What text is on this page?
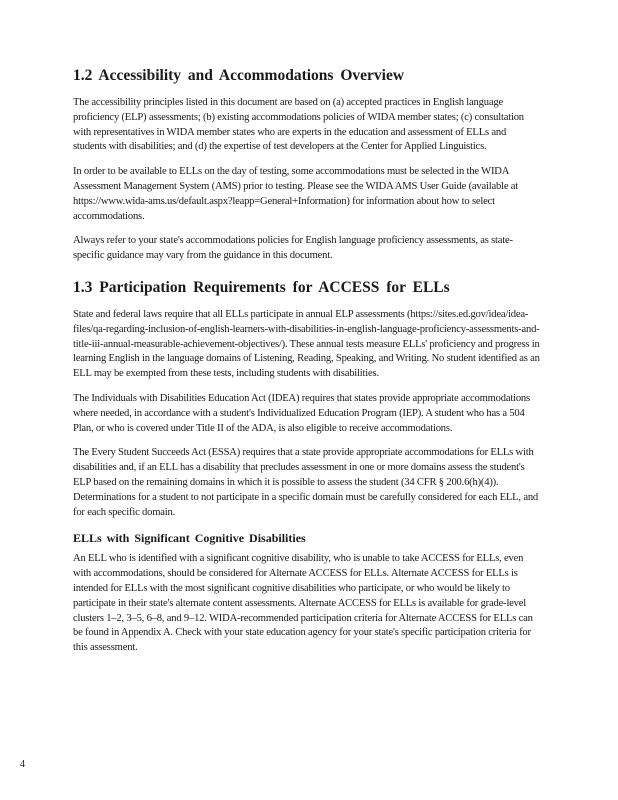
1.2 Accessibility and Accommodations Overview

The accessibility principles listed in this document are based on (a) accepted practices in English language proficiency (ELP) assessments; (b) existing accommodations policies of WIDA member states; (c) consultation with representatives in WIDA member states who are experts in the education and assessment of ELLs and students with disabilities; and (d) the expertise of test developers at the Center for Applied Linguistics.

In order to be available to ELLs on the day of testing, some accommodations must be selected in the WIDA Assessment Management System (AMS) prior to testing. Please see the WIDA AMS User Guide (available at https://www.wida-ams.us/default.aspx?leapp=General+Information) for information about how to select accommodations.

Always refer to your state's accommodations policies for English language proficiency assessments, as state-specific guidance may vary from the guidance in this document.

1.3 Participation Requirements for ACCESS for ELLs

State and federal laws require that all ELLs participate in annual ELP assessments (https://sites.ed.gov/idea/idea-files/qa-regarding-inclusion-of-english-learners-with-disabilities-in-english-language-proficiency-assessments-and-title-iii-annual-measurable-achievement-objectives/). These annual tests measure ELLs' proficiency and progress in learning English in the language domains of Listening, Reading, Speaking, and Writing. No student identified as an ELL may be exempted from these tests, including students with disabilities.

The Individuals with Disabilities Education Act (IDEA) requires that states provide appropriate accommodations where needed, in accordance with a student's Individualized Education Program (IEP). A student who has a 504 Plan, or who is covered under Title II of the ADA, is also eligible to receive accommodations.

The Every Student Succeeds Act (ESSA) requires that a state provide appropriate accommodations for ELLs with disabilities and, if an ELL has a disability that precludes assessment in one or more domains assess the student's ELP based on the remaining domains in which it is possible to assess the student (34 CFR § 200.6(h)(4)). Determinations for a student to not participate in a specific domain must be carefully considered for each ELL, and for each specific domain.

ELLs with Significant Cognitive Disabilities

An ELL who is identified with a significant cognitive disability, who is unable to take ACCESS for ELLs, even with accommodations, should be considered for Alternate ACCESS for ELLs. Alternate ACCESS for ELLs is intended for ELLs with the most significant cognitive disabilities who participate, or who would be likely to participate in their state's alternate content assessments. Alternate ACCESS for ELLs is available for grade-level clusters 1–2, 3–5, 6–8, and 9–12. WIDA-recommended participation criteria for Alternate ACCESS for ELLs can be found in Appendix A. Check with your state education agency for your state's specific participation criteria for this assessment.

4
